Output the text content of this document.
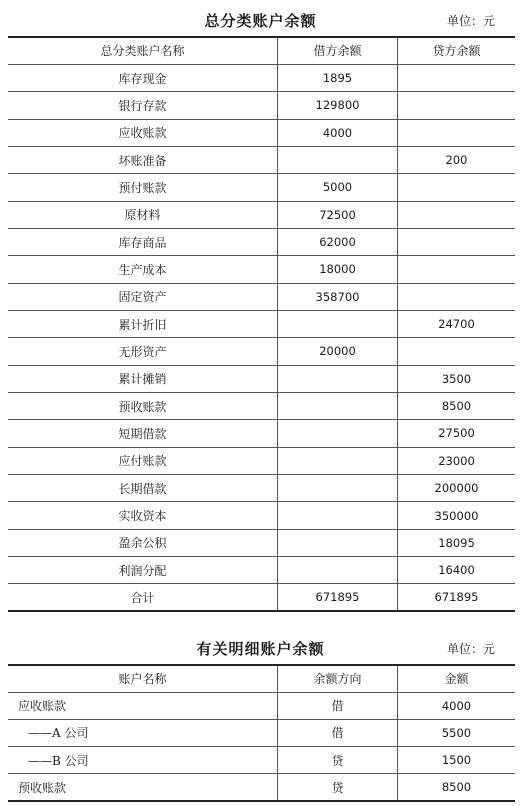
总分类账户余额	单位：元
总分类账户名称	借方余额	贷方余额
库存现金	1895	
银行存款	129800	
应收账款	4000	
坏账准备		200
预付账款	5000	
原材料	72500	
库存商品	62000	
生产成本	18000	
固定资产	358700	
累计折旧		24700
无形资产	20000	
累计摊销		3500
预收账款		8500
短期借款		27500
应付账款		23000
长期借款		200000
实收资本		350000
盈余公积		18095
利润分配		16400
合计	671895	671895
有关明细账户余额	单位：元
账户名称	余额方向	金额
应收账款	借	4000
——A 公司	借	5500
——B 公司	贷	1500
预收账款	贷	8500
